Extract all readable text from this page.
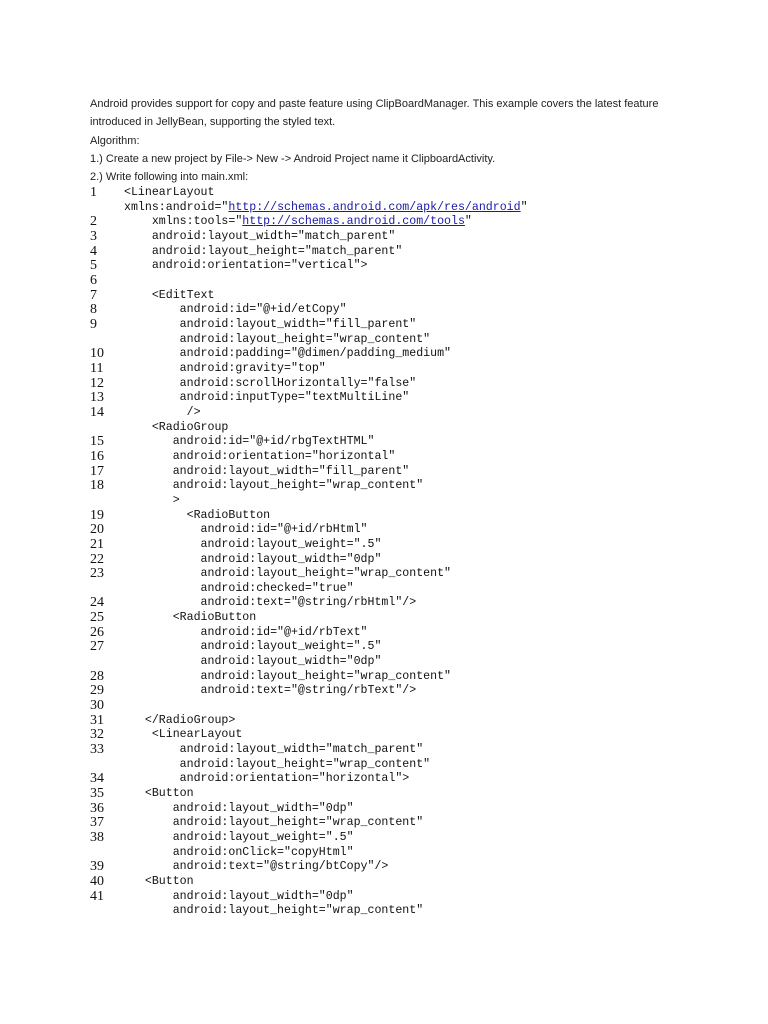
Android provides support for copy and paste feature using ClipBoardManager. This example covers the latest feature introduced in JellyBean, supporting the styled text.
Algorithm:
1.) Create a new project by File-> New -> Android Project name it ClipboardActivity.
2.) Write following into main.xml:
1	<LinearLayout
xmlns:android="http://schemas.android.com/apk/res/android"
2	xmlns:tools="http://schemas.android.com/tools"
3	android:layout_width="match_parent"
4	android:layout_height="match_parent"
5	android:orientation="vertical">
6
7	<EditText
8	android:id="@+id/etCopy"
9	android:layout_width="fill_parent"
android:layout_height="wrap_content"
10	android:padding="@dimen/padding_medium"
11	android:gravity="top"
12	android:scrollHorizontally="false"
13	android:inputType="textMultiLine"
14	/>
<RadioGroup
15	android:id="@+id/rbgTextHTML"
16	android:orientation="horizontal"
17	android:layout_width="fill_parent"
18	android:layout_height="wrap_content"
>
19	<RadioButton
20	android:id="@+id/rbHtml"
21	android:layout_weight=".5"
22	android:layout_width="0dp"
23	android:layout_height="wrap_content"
android:checked="true"
24	android:text="@string/rbHtml"/>
25	<RadioButton
26	android:id="@+id/rbText"
27	android:layout_weight=".5"
android:layout_width="0dp"
28	android:layout_height="wrap_content"
29	android:text="@string/rbText"/>
30
31	</RadioGroup>
32	<LinearLayout
33	android:layout_width="match_parent"
android:layout_height="wrap_content"
34	android:orientation="horizontal">
35	<Button
36	android:layout_width="0dp"
37	android:layout_height="wrap_content"
38	android:layout_weight=".5"
android:onClick="copyHtml"
39	android:text="@string/btCopy"/>
40	<Button
41	android:layout_width="0dp"
android:layout_height="wrap_content"
